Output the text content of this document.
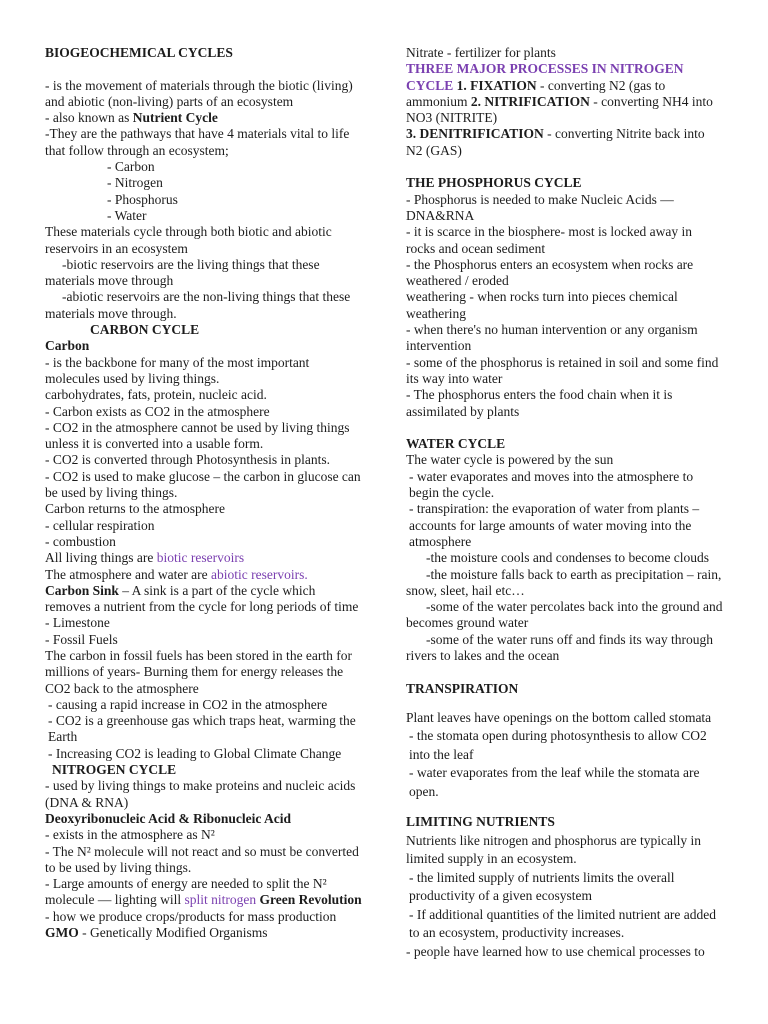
BIOGEOCHEMICAL CYCLES

- is the movement of materials through the biotic (living) and abiotic (non-living) parts of an ecosystem

- also known as Nutrient Cycle

-They are the pathways that have 4 materials vital to life that follow through an ecosystem;

- Carbon

- Nitrogen

- Phosphorus

- Water

These materials cycle through both biotic and abiotic reservoirs in an ecosystem

-biotic reservoirs are the living things that these materials move through

-abiotic reservoirs are the non-living things that these materials move through.

CARBON CYCLE

Carbon

- is the backbone for many of the most important molecules used by living things.

carbohydrates, fats, protein, nucleic acid.

- Carbon exists as CO2 in the atmosphere

- CO2 in the atmosphere cannot be used by living things unless it is converted into a usable form.

- CO2 is converted through Photosynthesis in plants.

- CO2 is used to make glucose – the carbon in glucose can be used by living things.

Carbon returns to the atmosphere

- cellular respiration

- combustion

All living things are biotic reservoirs

The atmosphere and water are abiotic reservoirs.

Carbon Sink – A sink is a part of the cycle which removes a nutrient from the cycle for long periods of time

- Limestone

- Fossil Fuels

The carbon in fossil fuels has been stored in the earth for millions of years- Burning them for energy releases the CO2 back to the atmosphere

- causing a rapid increase in CO2 in the atmosphere

- CO2 is a greenhouse gas which traps heat, warming the Earth

- Increasing CO2 is leading to Global Climate Change

NITROGEN CYCLE

- used by living things to make proteins and nucleic acids (DNA & RNA)

Deoxyribonucleic Acid & Ribonucleic Acid

- exists in the atmosphere as N²

- The N² molecule will not react and so must be converted to be used by living things.

- Large amounts of energy are needed to split the N² molecule — lighting will split nitrogen Green Revolution

- how we produce crops/products for mass production

GMO - Genetically Modified Organisms

Nitrate - fertilizer for plants

THREE MAJOR PROCESSES IN NITROGEN CYCLE 1. FIXATION - converting N2 (gas to ammonium 2. NITRIFICATION - converting NH4 into NO3 (NITRITE)

3. DENITRIFICATION - converting Nitrite back into N2 (GAS)

THE PHOSPHORUS CYCLE

- Phosphorus is needed to make Nucleic Acids — DNA&RNA

- it is scarce in the biosphere- most is locked away in rocks and ocean sediment

- the Phosphorus enters an ecosystem when rocks are weathered / eroded

weathering - when rocks turn into pieces chemical weathering

- when there's no human intervention or any organism intervention

- some of the phosphorus is retained in soil and some find its way into water

- The phosphorus enters the food chain when it is assimilated by plants

WATER CYCLE

The water cycle is powered by the sun

- water evaporates and moves into the atmosphere to begin the cycle.

- transpiration: the evaporation of water from plants – accounts for large amounts of water moving into the atmosphere

-the moisture cools and condenses to become clouds

-the moisture falls back to earth as precipitation – rain, snow, sleet, hail etc…

-some of the water percolates back into the ground and becomes ground water

-some of the water runs off and finds its way through rivers to lakes and the ocean

TRANSPIRATION

Plant leaves have openings on the bottom called stomata

- the stomata open during photosynthesis to allow CO2 into the leaf

- water evaporates from the leaf while the stomata are open.

LIMITING NUTRIENTS

Nutrients like nitrogen and phosphorus are typically in limited supply in an ecosystem.

- the limited supply of nutrients limits the overall productivity of a given ecosystem

- If additional quantities of the limited nutrient are added to an ecosystem, productivity increases.

- people have learned how to use chemical processes to
